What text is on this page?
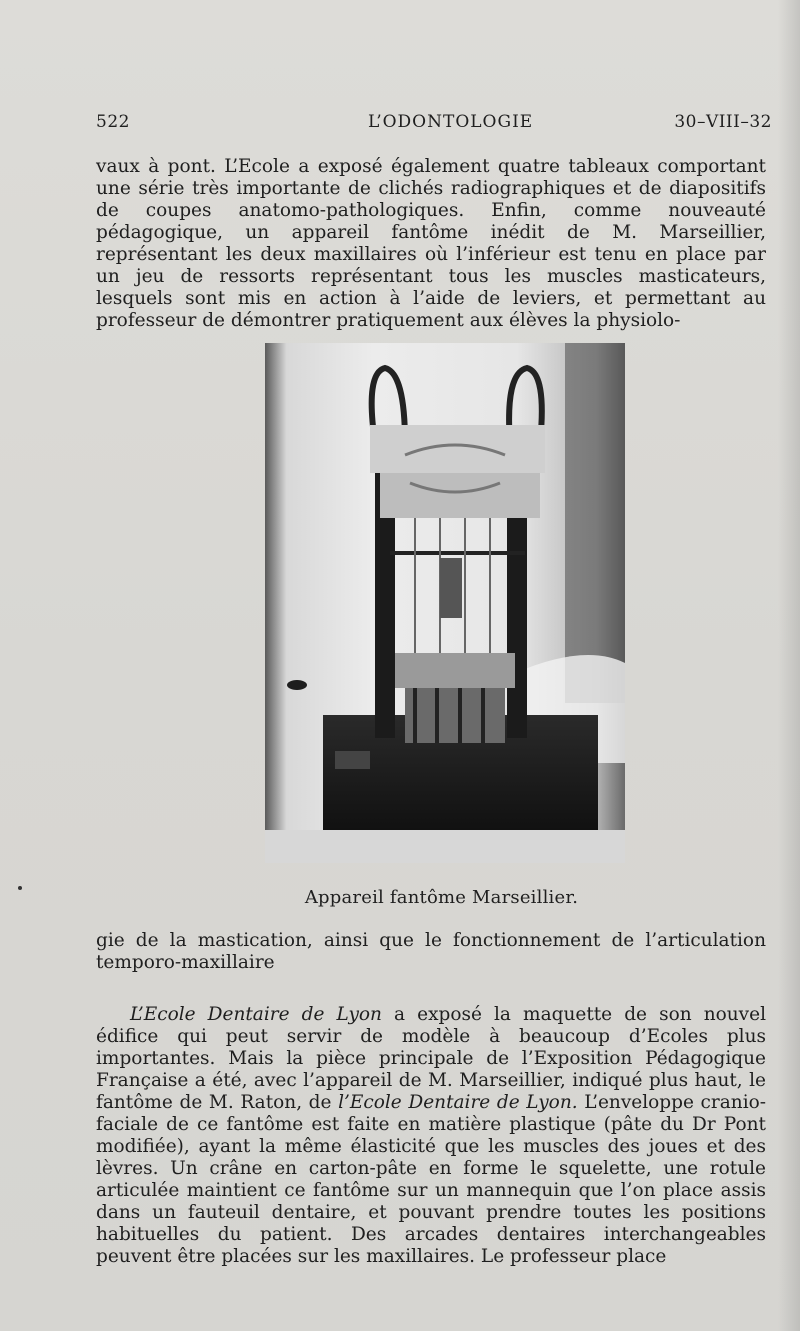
522	L’ODONTOLOGIE	30–VIII–32
vaux à pont. L’Ecole a exposé également quatre tableaux comportant une série très importante de clichés radiographiques et de diapositifs de coupes anatomo-pathologiques. Enfin, comme nouveauté pédagogique, un appareil fantôme inédit de M. Marseillier, représentant les deux maxillaires où l’inférieur est tenu en place par un jeu de ressorts représentant tous les muscles masticateurs, lesquels sont mis en action à l’aide de leviers, et permettant au professeur de démontrer pratiquement aux élèves la physiolo-
Appareil fantôme Marseillier.
gie de la mastication, ainsi que le fonctionnement de l’articulation temporo-maxillaire
L’Ecole Dentaire de Lyon a exposé la maquette de son nouvel édifice qui peut servir de modèle à beaucoup d’Ecoles plus importantes. Mais la pièce principale de l’Exposition Pédagogique Française a été, avec l’appareil de M. Marseillier, indiqué plus haut, le fantôme de M. Raton, de l’Ecole Dentaire de Lyon. L’enveloppe cranio-faciale de ce fantôme est faite en matière plastique (pâte du Dr Pont modifiée), ayant la même élasticité que les muscles des joues et des lèvres. Un crâne en carton-pâte en forme le squelette, une rotule articulée maintient ce fantôme sur un mannequin que l’on place assis dans un fauteuil dentaire, et pouvant prendre toutes les positions habituelles du patient. Des arcades dentaires interchangeables peuvent être placées sur les maxillaires. Le professeur place
